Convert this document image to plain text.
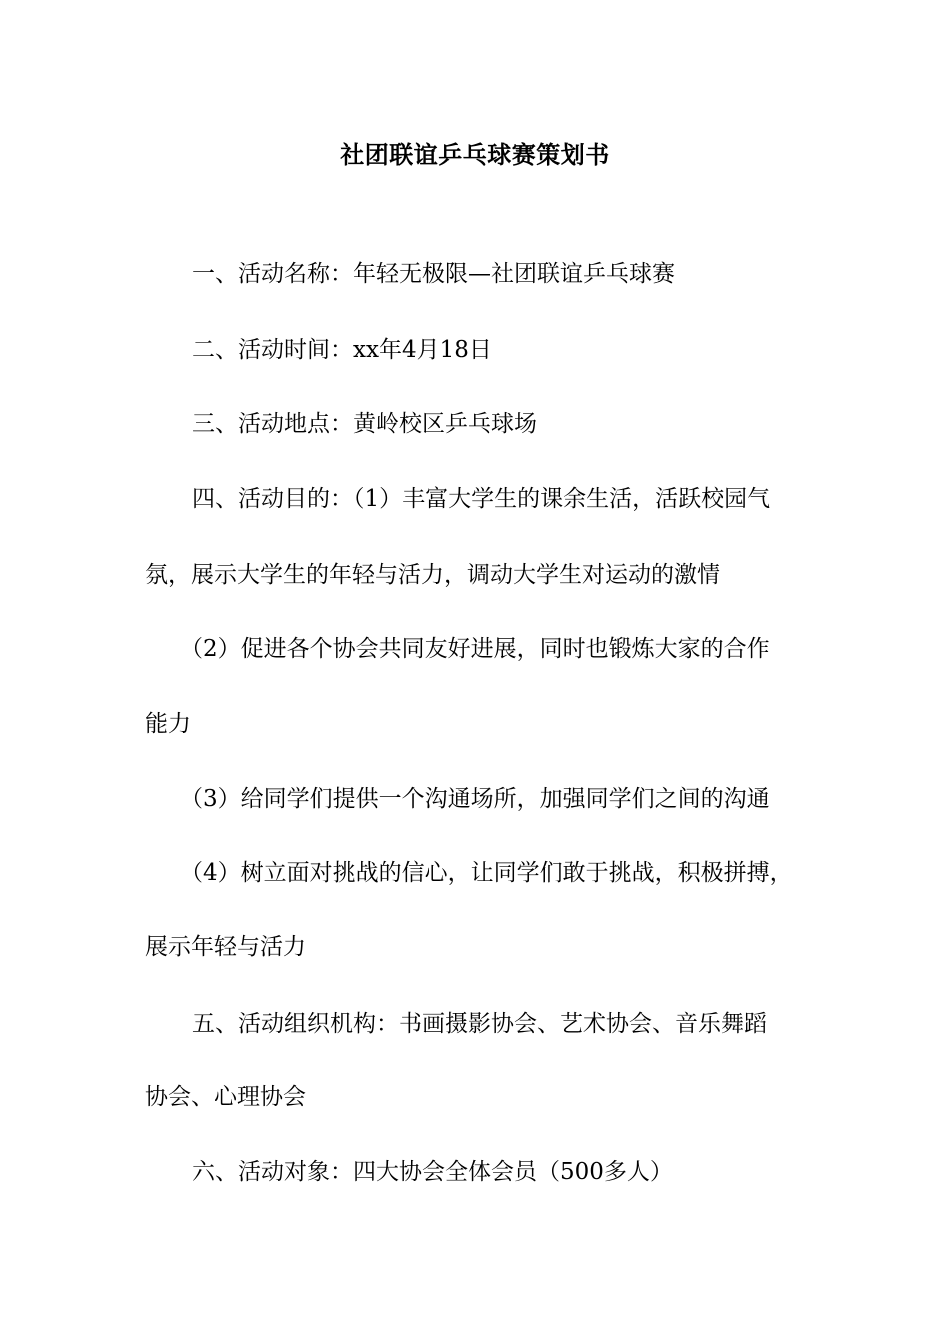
社团联谊乒乓球赛策划书
一、活动名称：年轻无极限—社团联谊乒乓球赛
二、活动时间：xx年4月18日
三、活动地点：黄岭校区乒乓球场
四、活动目的：（1）丰富大学生的课余生活，活跃校园气
氛，展示大学生的年轻与活力，调动大学生对运动的激情
（2）促进各个协会共同友好进展，同时也锻炼大家的合作
能力
（3）给同学们提供一个沟通场所，加强同学们之间的沟通
（4）树立面对挑战的信心，让同学们敢于挑战，积极拼搏，
展示年轻与活力
五、活动组织机构：书画摄影协会、艺术协会、音乐舞蹈
协会、心理协会
六、活动对象：四大协会全体会员（500多人）
